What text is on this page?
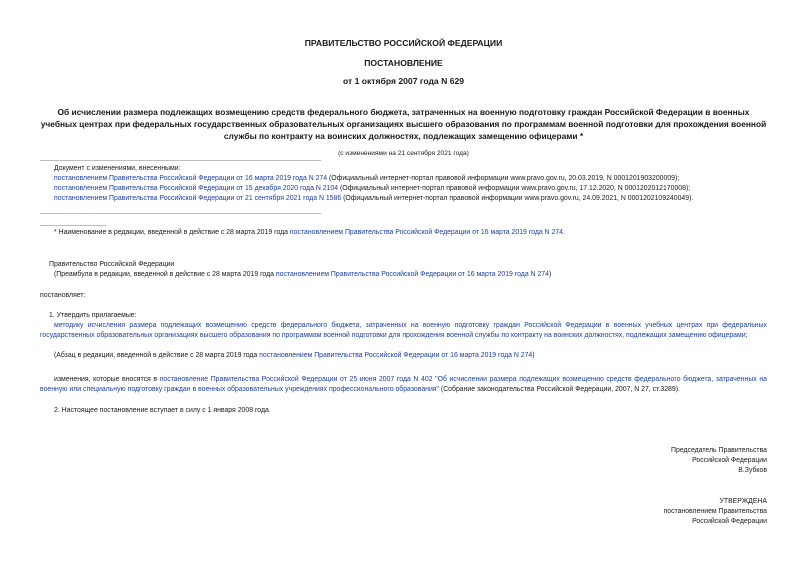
ПРАВИТЕЛЬСТВО РОССИЙСКОЙ ФЕДЕРАЦИИ
ПОСТАНОВЛЕНИЕ
от 1 октября 2007 года N 629
Об исчислении размера подлежащих возмещению средств федерального бюджета, затраченных на военную подготовку граждан Российской Федерации в военных учебных центрах при федеральных государственных образовательных организациях высшего образования по программам военной подготовки для прохождения военной службы по контракту на воинских должностях, подлежащих замещению офицерами *
(с изменениями на 21 сентября 2021 года)
Документ с изменениями, внесенными:
постановлением Правительства Российской Федерации от 16 марта 2019 года N 274 (Официальный интернет-портал правовой информации www.pravo.gov.ru, 20.03.2019, N 0001201903200009);
постановлением Правительства Российской Федерации от 15 декабря 2020 года N 2104 (Официальный интернет-портал правовой информации www.pravo.gov.ru, 17.12.2020, N 0001202012170008);
постановлением Правительства Российской Федерации от 21 сентября 2021 года N 1586 (Официальный интернет-портал правовой информации www.pravo.gov.ru, 24.09.2021, N 0001202109240049).
* Наименование в редакции, введенной в действие с 28 марта 2019 года постановлением Правительства Российской Федерации от 16 марта 2019 года N 274.
Правительство Российской Федерации
(Преамбула в редакции, введенной в действие с 28 марта 2019 года постановлением Правительства Российской Федерации от 16 марта 2019 года N 274)
постановляет:
1. Утвердить прилагаемые:
методику исчисления размера подлежащих возмещению средств федерального бюджета, затраченных на военную подготовку граждан Российской Федерации в военных учебных центрах при федеральных государственных образовательных организациях высшего образования по программам военной подготовки для прохождения военной службы по контракту на воинских должностях, подлежащих замещению офицерами;
(Абзац в редакции, введенной в действие с 28 марта 2019 года постановлением Правительства Российской Федерации от 16 марта 2019 года N 274)
изменения, которые вносятся в постановление Правительства Российской Федерации от 25 июня 2007 года N 402 "Об исчислении размера подлежащих возмещению средств федерального бюджета, затраченных на военную или специальную подготовку граждан в военных образовательных учреждениях профессионального образования" (Собрание законодательства Российской Федерации, 2007, N 27, ст.3289).
2. Настоящее постановление вступает в силу с 1 января 2008 года.
Председатель Правительства
Российской Федерации
В.Зубков
УТВЕРЖДЕНА
постановлением Правительства
Российской Федерации
